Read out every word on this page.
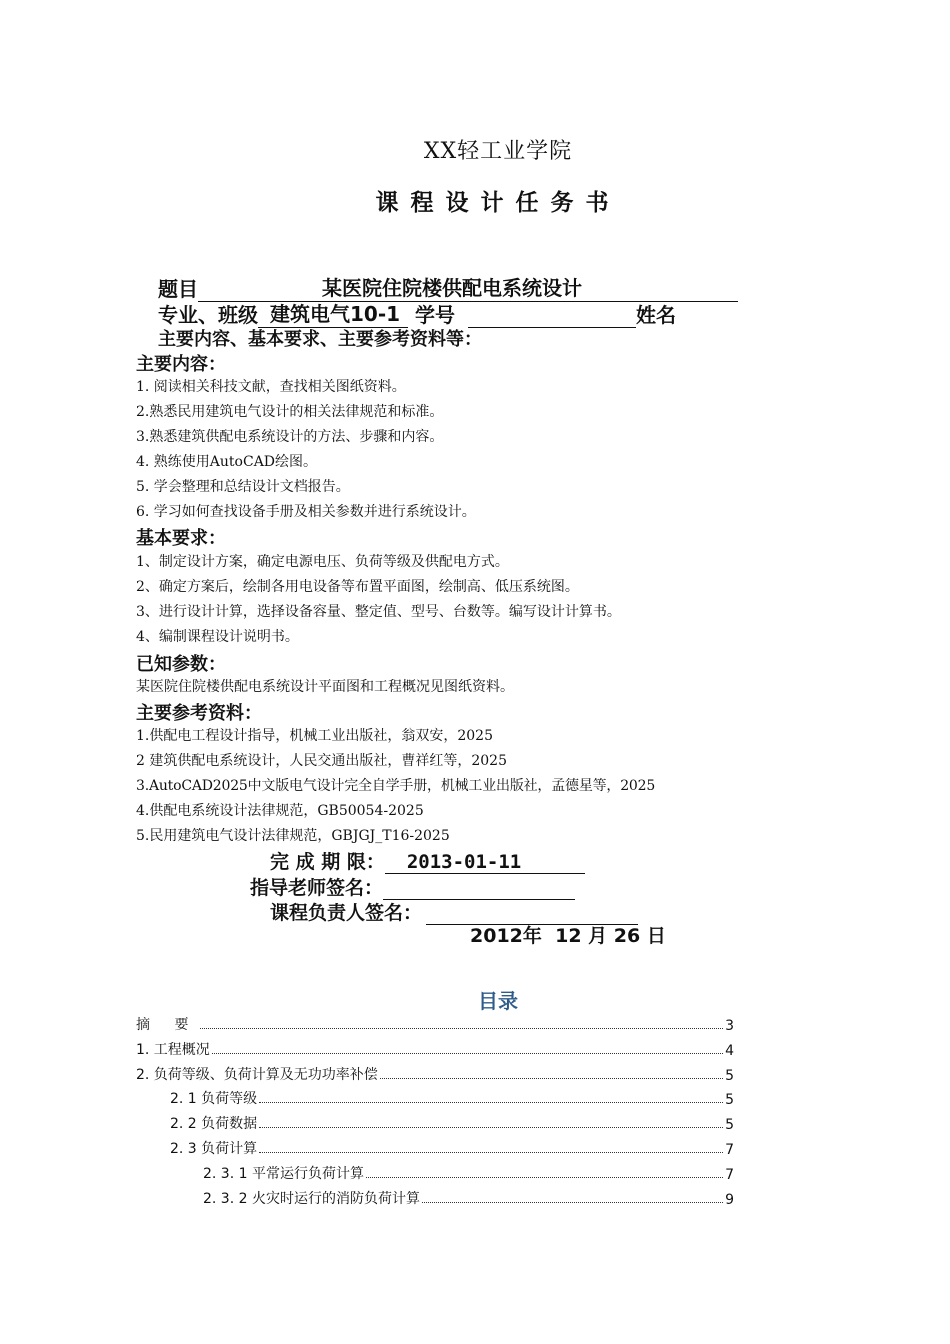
XX轻工业学院
课程设计任务书
题目	某医院住院楼供配电系统设计
专业、班级 建筑电气10-1 学号	姓名
主要内容、基本要求、主要参考资料等：
主要内容：
1. 阅读相关科技文献，查找相关图纸资料。
2.熟悉民用建筑电气设计的相关法律规范和标准。
3.熟悉建筑供配电系统设计的方法、步骤和内容。
4. 熟练使用AutoCAD绘图。
5. 学会整理和总结设计文档报告。
6. 学习如何查找设备手册及相关参数并进行系统设计。
基本要求：
1、制定设计方案，确定电源电压、负荷等级及供配电方式。
2、确定方案后，绘制各用电设备等布置平面图，绘制高、低压系统图。
3、进行设计计算，选择设备容量、整定值、型号、台数等。编写设计计算书。
4、编制课程设计说明书。
已知参数：
某医院住院楼供配电系统设计平面图和工程概况见图纸资料。
主要参考资料：
1.供配电工程设计指导，机械工业出版社，翁双安，2025
2 建筑供配电系统设计，人民交通出版社，曹祥红等，2025
3.AutoCAD2025中文版电气设计完全自学手册，机械工业出版社，孟德星等，2025
4.供配电系统设计法律规范，GB50054-2025
5.民用建筑电气设计法律规范，GBJGJ_T16-2025
完 成 期 限： 2013-01-11
指导老师签名：
课程负责人签名：
2012年  12 月 26 日
目录
摘 要	3
1. 工程概况	4
2. 负荷等级、负荷计算及无功功率补偿	5
2. 1 负荷等级	5
2. 2 负荷数据	5
2. 3 负荷计算	7
2. 3. 1 平常运行负荷计算	7
2. 3. 2 火灾时运行的消防负荷计算	9
